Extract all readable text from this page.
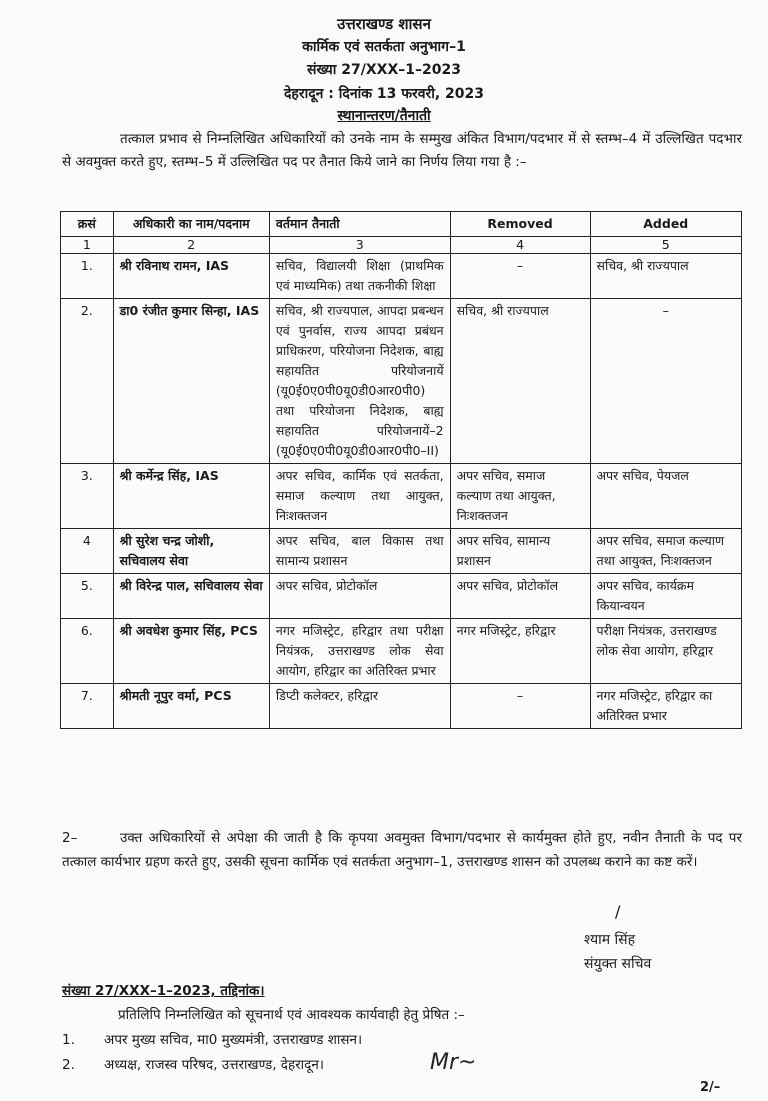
उत्तराखण्ड शासन
कार्मिक एवं सतर्कता अनुभाग–1
संख्या 27/XXX–1–2023
देहरादून : दिनांक 13 फरवरी, 2023
स्थानान्तरण/तैनाती
तत्काल प्रभाव से निम्नलिखित अधिकारियों को उनके नाम के सम्मुख अंकित विभाग/पदभार में से स्तम्भ–4 में उल्लिखित पदभार से अवमुक्त करते हुए, स्तम्भ–5 में उल्लिखित पद पर तैनात किये जाने का निर्णय लिया गया है :–
क्रसं	अधिकारी का नाम/पदनाम	वर्तमान तैनाती	Removed	Added
1	2	3	4	5
1.	श्री रविनाथ रामन, IAS	सचिव, विद्यालयी शिक्षा (प्राथमिक एवं माध्यमिक) तथा तकनीकी शिक्षा	–	सचिव, श्री राज्यपाल
2.	डा0 रंजीत कुमार सिन्हा, IAS	सचिव, श्री राज्यपाल, आपदा प्रबन्धन एवं पुनर्वास, राज्य आपदा प्रबंधन प्राधिकरण, परियोजना निदेशक, बाह्य सहायतित परियोजनायें (यू0ई0ए0पी0यू0डी0आर0पी0) तथा परियोजना निदेशक, बाह्य सहायतित परियोजनायें–2 (यू0ई0ए0पी0यू0डी0आर0पी0–II)	सचिव, श्री राज्यपाल	–
3.	श्री कर्मेन्द्र सिंह, IAS	अपर सचिव, कार्मिक एवं सतर्कता, समाज कल्याण तथा आयुक्त, निःशक्तजन	अपर सचिव, समाज कल्याण तथा आयुक्त, निःशक्तजन	अपर सचिव, पेयजल
4	श्री सुरेश चन्द्र जोशी, सचिवालय सेवा	अपर सचिव, बाल विकास तथा सामान्य प्रशासन	अपर सचिव, सामान्य प्रशासन	अपर सचिव, समाज कल्याण तथा आयुक्त, निःशक्तजन
5.	श्री विरेन्द्र पाल, सचिवालय सेवा	अपर सचिव, प्रोटोकॉल	अपर सचिव, प्रोटोकॉल	अपर सचिव, कार्यक्रम कियान्वयन
6.	श्री अवधेश कुमार सिंह, PCS	नगर मजिस्ट्रेट, हरिद्वार तथा परीक्षा नियंत्रक, उत्तराखण्ड लोक सेवा आयोग, हरिद्वार का अतिरिक्त प्रभार	नगर मजिस्ट्रेट, हरिद्वार	परीक्षा नियंत्रक, उत्तराखण्ड लोक सेवा आयोग, हरिद्वार
7.	श्रीमती नूपुर वर्मा, PCS	डिप्टी कलेक्टर, हरिद्वार	–	नगर मजिस्ट्रेट, हरिद्वार का अतिरिक्त प्रभार
2–	उक्त अधिकारियों से अपेक्षा की जाती है कि कृपया अवमुक्त विभाग/पदभार से कार्यमुक्त होते हुए, नवीन तैनाती के पद पर तत्काल कार्यभार ग्रहण करते हुए, उसकी सूचना कार्मिक एवं सतर्कता अनुभाग–1, उत्तराखण्ड शासन को उपलब्ध कराने का कष्ट करें।
/
श्याम सिंह
संयुक्त सचिव
संख्या 27/XXX–1–2023, तद्दिनांक।
प्रतिलिपि निम्नलिखित को सूचनार्थ एवं आवश्यक कार्यवाही हेतु प्रेषित :–
1. अपर मुख्य सचिव, मा0 मुख्यमंत्री, उत्तराखण्ड शासन।
2. अध्यक्ष, राजस्व परिषद, उत्तराखण्ड, देहरादून।	Mr~
2/–
